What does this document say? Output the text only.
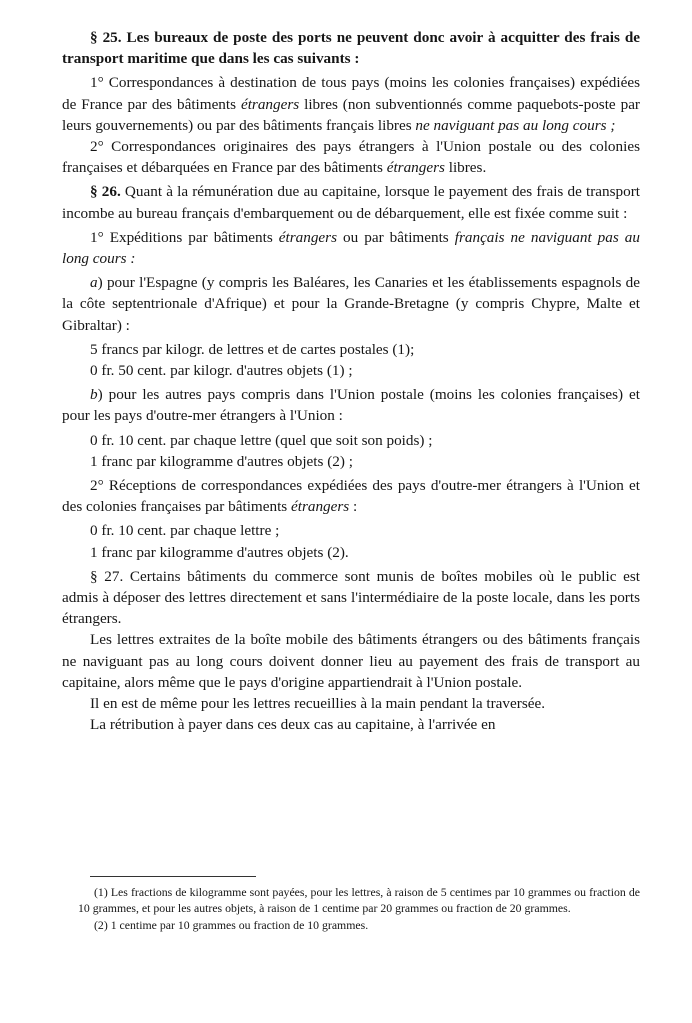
§ 25. Les bureaux de poste des ports ne peuvent donc avoir à acquitter des frais de transport maritime que dans les cas suivants :

1° Correspondances à destination de tous pays (moins les colonies françaises) expédiées de France par des bâtiments étrangers libres (non subventionnés comme paquebots-poste par leurs gouvernements) ou par des bâtiments français libres ne naviguant pas au long cours ;

2° Correspondances originaires des pays étrangers à l'Union postale ou des colonies françaises et débarquées en France par des bâtiments étrangers libres.

§ 26. Quant à la rémunération due au capitaine, lorsque le payement des frais de transport incombe au bureau français d'embarquement ou de débarquement, elle est fixée comme suit :

1° Expéditions par bâtiments étrangers ou par bâtiments français ne naviguant pas au long cours :

a) pour l'Espagne (y compris les Baléares, les Canaries et les établissements espagnols de la côte septentrionale d'Afrique) et pour la Grande-Bretagne (y compris Chypre, Malte et Gibraltar) :

5 francs par kilogr. de lettres et de cartes postales (1);
0 fr. 50 cent. par kilogr. d'autres objets (1) ;

b) pour les autres pays compris dans l'Union postale (moins les colonies françaises) et pour les pays d'outre-mer étrangers à l'Union :

0 fr. 10 cent. par chaque lettre (quel que soit son poids) ;
1 franc par kilogramme d'autres objets (2) ;

2° Réceptions de correspondances expédiées des pays d'outre-mer étrangers à l'Union et des colonies françaises par bâtiments étrangers :

0 fr. 10 cent. par chaque lettre ;
1 franc par kilogramme d'autres objets (2).

§ 27. Certains bâtiments du commerce sont munis de boîtes mobiles où le public est admis à déposer des lettres directement et sans l'intermédiaire de la poste locale, dans les ports étrangers.

Les lettres extraites de la boîte mobile des bâtiments étrangers ou des bâtiments français ne naviguant pas au long cours doivent donner lieu au payement des frais de transport au capitaine, alors même que le pays d'origine appartiendrait à l'Union postale.

Il en est de même pour les lettres recueillies à la main pendant la traversée.

La rétribution à payer dans ces deux cas au capitaine, à l'arrivée en

(1) Les fractions de kilogramme sont payées, pour les lettres, à raison de 5 centimes par 10 grammes ou fraction de 10 grammes, et pour les autres objets, à raison de 1 centime par 20 grammes ou fraction de 20 grammes.

(2) 1 centime par 10 grammes ou fraction de 10 grammes.
